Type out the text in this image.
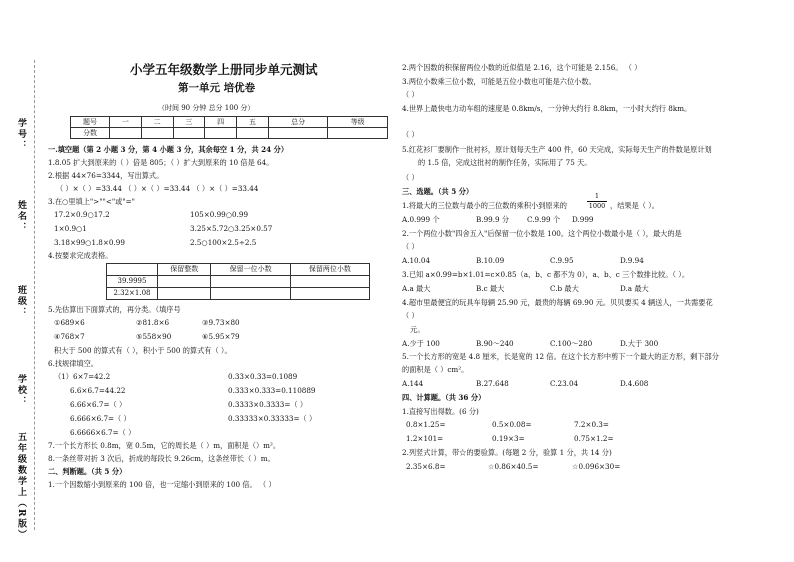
学号：
姓名：
班级：
学校：
五年级数学上（R版）
小学五年级数学上册同步单元测试
第一单元 培优卷
（时间 90 分钟 总分 100 分）
题号	一	二	三	四	五	总分	等级
分数							
一.填空题（第 2 小题 3 分，第 4 小题 3 分，其余每空 1 分，共 24 分）
1.8.05 扩大到原来的（ ）倍是 805；（ ）扩大到原来的 10 倍是 64。
2.根据 44×76=3344，写出算式。
（ ）×（ ）=33.44 （ ）×（ ）=33.44 （ ）×（ ）=33.44
3.在○里填上">""<"或"="
17.2×0.9○17.2	105×0.99○0.99
1×0.9○1	3.25×5.72○3.25×0.57
3.18×99○1.8×0.99	2.5○100×2.5÷2.5
4.按要求完成表格。
	保留整数	保留一位小数	保留两位小数
39.9995			
2.32×1.08			
5.先估算出下面算式的，再分类。（填序号
①689×6	②81.8×6	③9.73×80
④768×7	⑤558×90	⑥5.95×79
积大于 500 的算式有（ ），积小于 500 的算式有（ ）。
6.找规律填空。
（1）6×7=42.2	0.33×0.33=0.1089
6.6×6.7=44.22	0.333×0.333=0.110889
6.66×6.7=（ ）	0.3333×0.3333=（ ）
6.666×6.7=（ ）	0.33333×0.33333=（ ）
6.6666×6.7=（ ）
7.一个长方形长 0.8m，宽 0.5m，它的周长是（ ）m，面积是（）m²。
8.一条丝带对折 3 次后，折成的每段长 9.26cm，这条丝带长（ ）m。
二、判断题。（共 5 分）
1.一个因数缩小到原来的 100 倍，也一定缩小到原来的 100 倍。 （ ）
2.两个因数的积保留两位小数的近似值是 2.16，这个可能是 2.156。 （ ）
3.两位小数乘三位小数，可能是五位小数也可能是六位小数。
（ ）
4.世界上最快电力动车组的速度是 0.8km/s，一分钟大约行 8.8km，一小时大约行 8km。
（ ）
5.红花衫厂要制作一批衬衫，原计划每天生产 400 件，60 天完成，实际每天生产的件数是原计划
的 1.5 倍，完成这批衬的制作任务，实际用了 75 天。
（ ）
三、选题。（共 5 分）
1.将最大的三位数与最小的三位数的乘积小到原来的	$\frac{1}{1000}$ ，结果是（ ）。
A.0.999 个	B.99.9 分 C.9.99 个 D.999
2.一个两位小数"四舍五入"后保留一位小数是 100。这个两位小数最小是（ ），最大的是
（ ）
A.10.04	B.10.09	C.9.95	D.9.94
3.已知 a×0.99=b×1.01=c×0.85（a、b、c 都不为 0），a、b、c 三个数排比较。（ ）。
A.a 最大	B.c 最大	C.b 最大	D.a 最大
4.超市里最便宜的玩具车每辆 25.90 元，最贵的每辆 69.90 元。贝贝要买 4 辆送人，一共需要花
（ ）
元。
A.少于 100	B.90～240	C.100～280	D.大于 300
5.一个长方形的宽是 4.8 厘米，长是宽的 12 倍。在这个长方形中剪下一个最大的正方形，剩下部分
的面积是（ ）cm²。
A.144	B.27.648	C.23.04	D.4.608
四、计算题。（共 36 分）
1.直接写出得数。(6 分)
0.8×1.25=	0.5×0.08=	7.2×0.3=
1.2×101=	0.19×3=	0.75×1.2=
2.列竖式计算，带☆的要验算。(每题 2 分，验算 1 分，共 14 分)
2.35×6.8=	☆0.86×40.5=	☆0.096×30=
